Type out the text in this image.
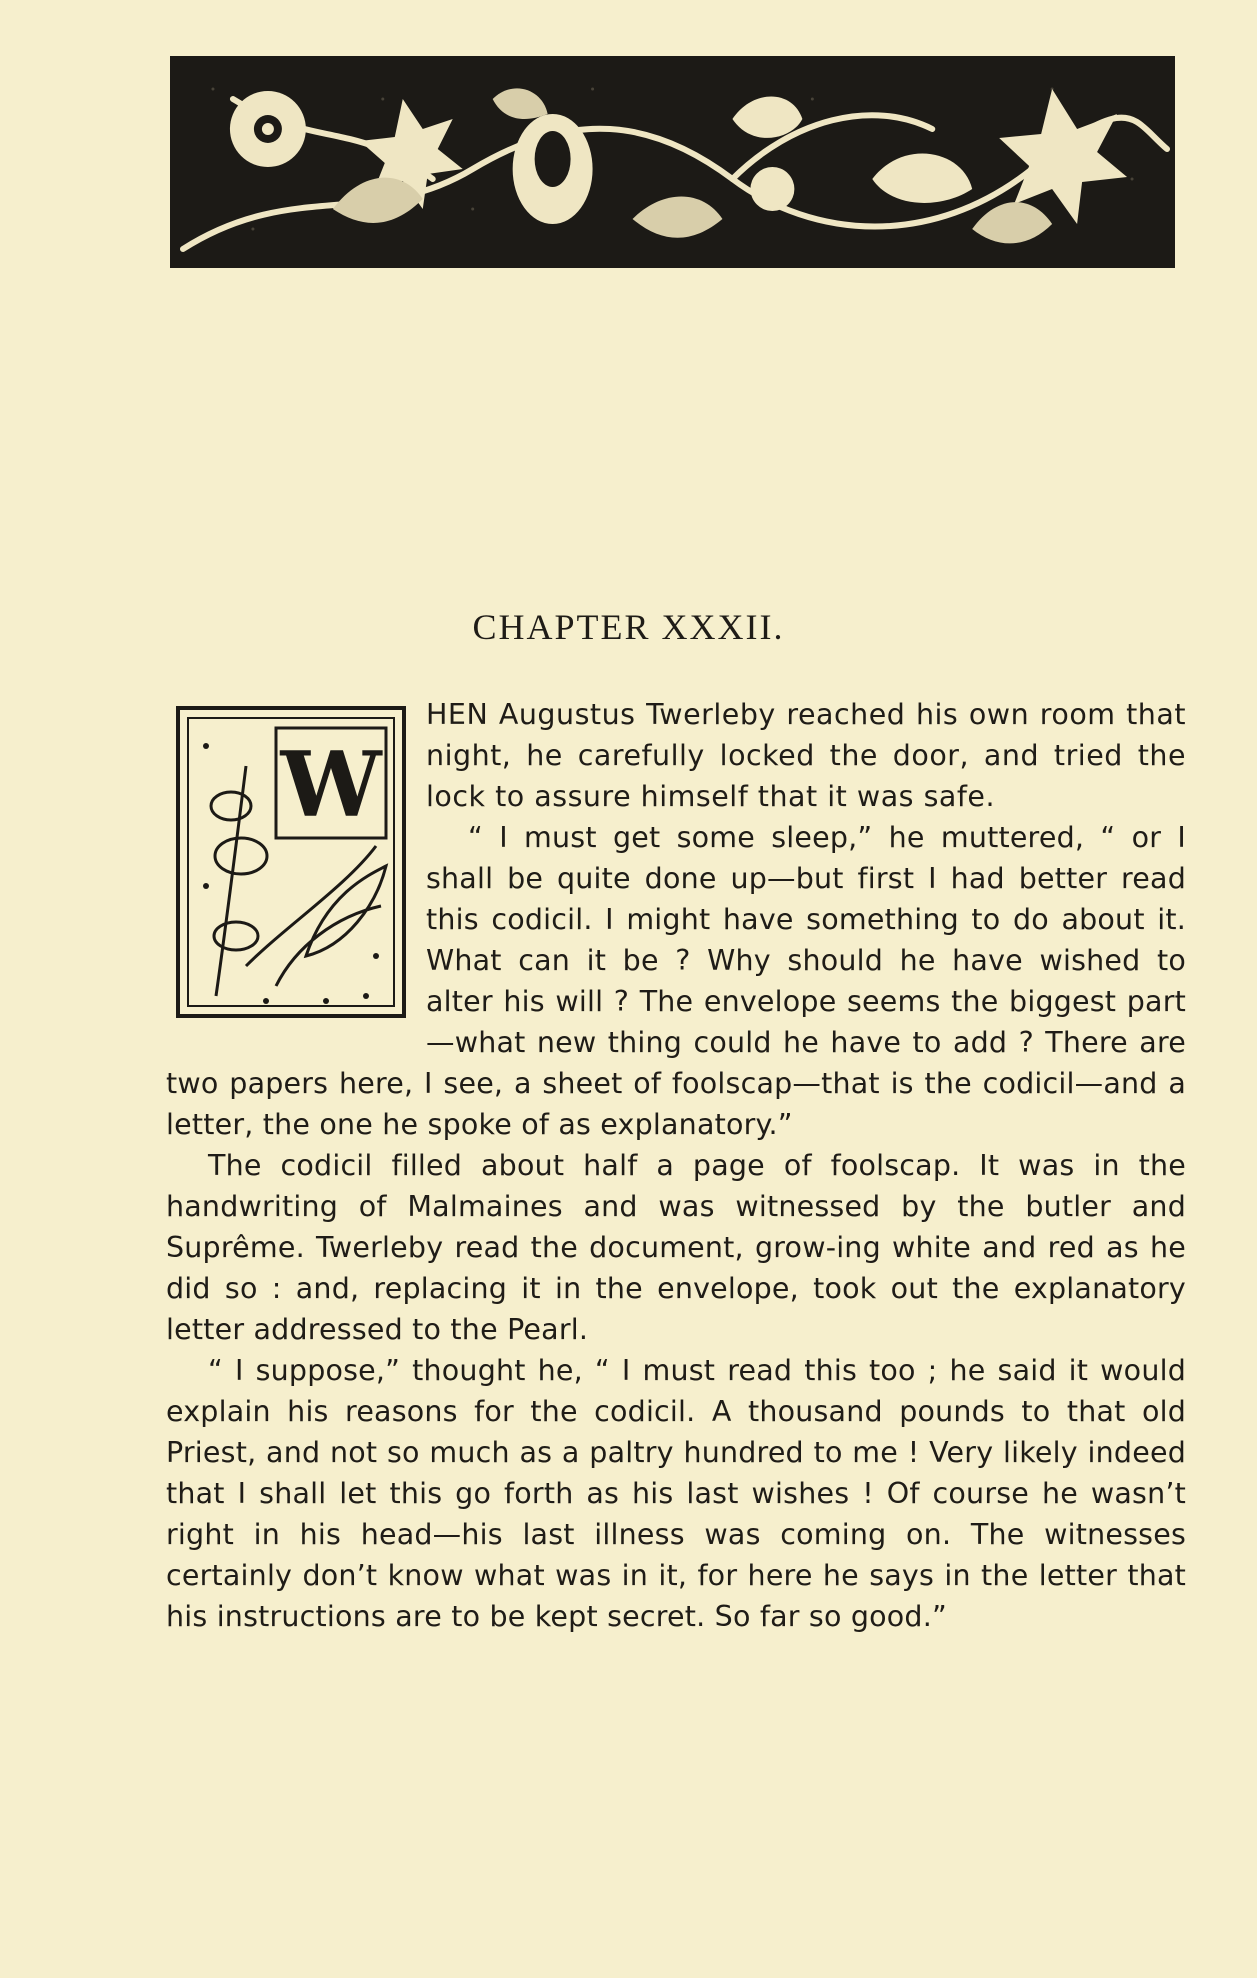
CHAPTER XXXII.
W

HEN Augustus Twerleby reached his own room that night, he carefully locked the door, and tried the lock to assure himself that it was safe.

“ I must get some sleep,” he muttered, “ or I shall be quite done up—but first I had better read this codicil. I might have something to do about it. What can it be ? Why should he have wished to alter his will ? The envelope seems the biggest part—what new thing could he have to add ? There are two papers here, I see, a sheet of foolscap—that is the codicil—and a letter, the one he spoke of as explanatory.”

The codicil filled about half a page of foolscap. It was in the handwriting of Malmaines and was witnessed by the butler and Suprême. Twerleby read the document, grow-ing white and red as he did so : and, replacing it in the envelope, took out the explanatory letter addressed to the Pearl.

“ I suppose,” thought he, “ I must read this too ; he said it would explain his reasons for the codicil. A thousand pounds to that old Priest, and not so much as a paltry hundred to me ! Very likely indeed that I shall let this go forth as his last wishes ! Of course he wasn’t right in his head—his last illness was coming on. The witnesses certainly don’t know what was in it, for here he says in the letter that his instructions are to be kept secret. So far so good.”
